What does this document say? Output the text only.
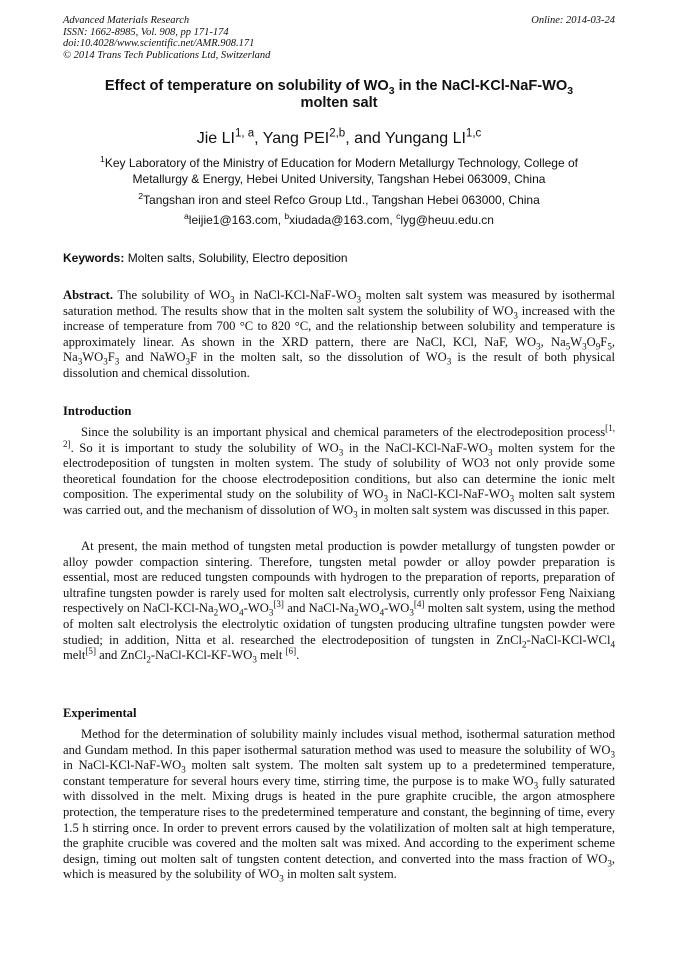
Advanced Materials Research
ISSN: 1662-8985, Vol. 908, pp 171-174
doi:10.4028/www.scientific.net/AMR.908.171
© 2014 Trans Tech Publications Ltd, Switzerland
Online: 2014-03-24
Effect of temperature on solubility of $WO_3$ in the NaCl-$KCl-NaF-WO_3$
molten salt
Jie LI$^{1, a}$, Yang PEI$^{2,b}$, and Yungang LI$^{1,c}$
$^1$Key Laboratory of the Ministry of Education for Modern Metallurgy Technology, College of
Metallurgy & Energy, Hebei United University, Tangshan Hebei 063009, China
$^2$Tangshan iron and steel Refco Group Ltd., Tangshan Hebei 063000, China
$^a$leijie1@163.com, $^b$xiudada@163.com, $^c$lyg@heuu.edu.cn
Keywords: Molten salts, Solubility, Electro deposition
Abstract. The solubility of $WO_3$ in NaCl-$KCl-NaF-WO_3$ molten salt system was measured by isothermal saturation method. The results show that in the molten salt system the solubility of $WO_3$ increased with the increase of temperature from 700 °C to 820 °C, and the relationship between solubility and temperature is approximately linear. As shown in the XRD pattern, there are NaCl, KCl, NaF, $WO_3$, $Na_5W_3O_9F_5$, $Na_3WO_3F_3$ and NaWO$_3$F in the molten salt, so the dissolution of $WO_3$ is the result of both physical dissolution and chemical dissolution.
Introduction
Since the solubility is an important physical and chemical parameters of the electrodeposition process[1, 2]. So it is important to study the solubility of $WO_3$ in the NaCl-$KCl-NaF-WO_3$ molten system for the electrodeposition of tungsten in molten system. The study of solubility of WO3 not only provide some theoretical foundation for the choose electrodeposition conditions, but also can determine the ionic melt composition. The experimental study on the solubility of $WO_3$ in NaCl-$KCl-NaF-WO_3$ molten salt system was carried out, and the mechanism of dissolution of $WO_3$ in molten salt system was discussed in this paper.
At present, the main method of tungsten metal production is powder metallurgy of tungsten powder or alloy powder compaction sintering. Therefore, tungsten metal powder or alloy powder preparation is essential, most are reduced tungsten compounds with hydrogen to the preparation of reports, preparation of ultrafine tungsten powder is rarely used for molten salt electrolysis, currently only professor Feng Naixiang respectively on NaCl-$KCl-Na_2WO_4-WO_3[3]$ and NaCl-$Na_2WO_4-WO_3[4]$ molten salt system, using the method of molten salt electrolysis the electrolytic oxidation of tungsten producing ultrafine tungsten powder were studied; in addition, Nitta et al. researched the electrodeposition of tungsten in ZnCl$_2$-NaCl-KCl-WCl$_4$ melt[5] and $ZnCl_2-NaCl-KCl-KF-WO_3$ melt [6].
Experimental
Method for the determination of solubility mainly includes visual method, isothermal saturation method and Gundam method. In this paper isothermal saturation method was used to measure the solubility of $WO_3$ in NaCl-$KCl-NaF-WO_3$ molten salt system. The molten salt system up to a predetermined temperature, constant temperature for several hours every time, stirring time, the purpose is to make $WO_3$ fully saturated with dissolved in the melt. Mixing drugs is heated in the pure graphite crucible, the argon atmosphere protection, the temperature rises to the predetermined temperature and constant, the beginning of time, every 1.5 h stirring once. In order to prevent errors caused by the volatilization of molten salt at high temperature, the graphite crucible was covered and the molten salt was mixed. And according to the experiment scheme design, timing out molten salt of tungsten content detection, and converted into the mass fraction of $WO_3$, which is measured by the solubility of $WO_3$ in molten salt system.
